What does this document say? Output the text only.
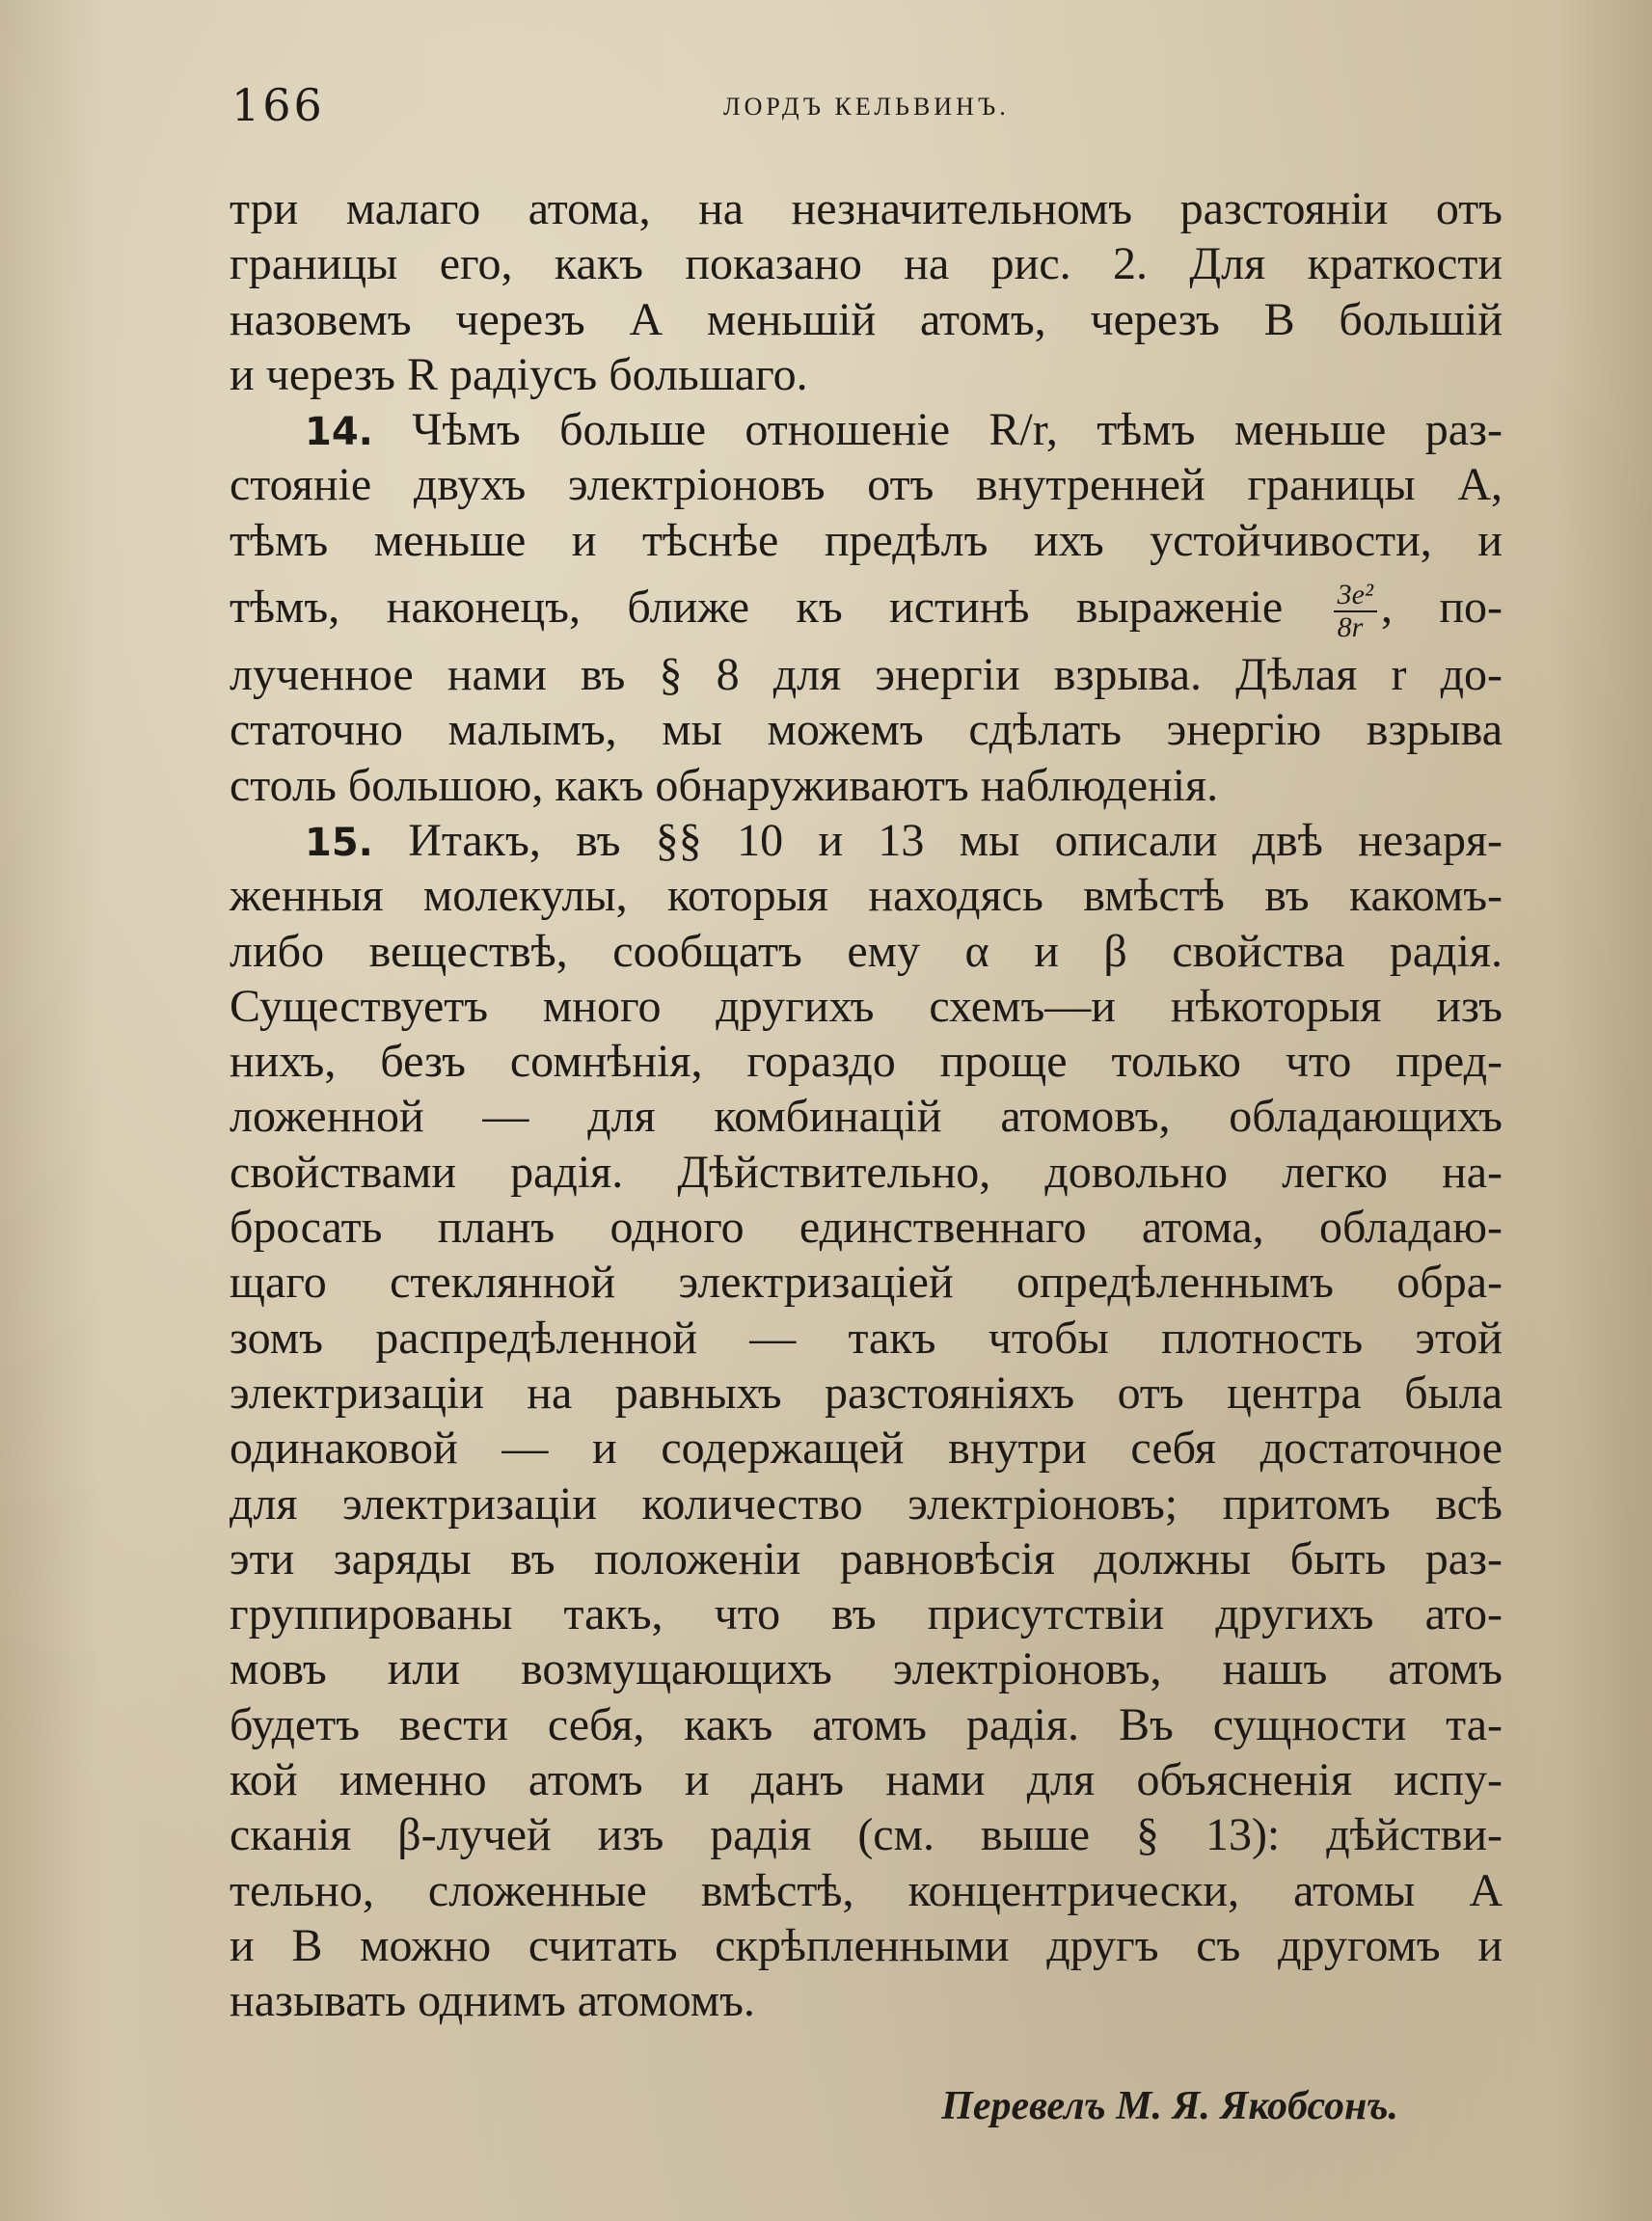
166	ЛОРДЪ КЕЛЬВИНЪ.
три малаго атома, на незначительномъ разстояніи отъ
границы его, какъ показано на рис. 2. Для краткости
назовемъ черезъ А меньшій атомъ, черезъ В большій
и черезъ R радіусъ большаго.
14. Чѣмъ больше отношеніе R/r, тѣмъ меньше раз-
стояніе двухъ электріоновъ отъ внутренней границы А,
тѣмъ меньше и тѣснѣе предѣлъ ихъ устойчивости, и
тѣмъ, наконецъ, ближе къ истинѣ выраженіе $\frac{\text{3e²}}{8r}$ , по-
лученное нами въ § 8 для энергіи взрыва. Дѣлая r до-
статочно малымъ, мы можемъ сдѣлать энергію взрыва
столь большою, какъ обнаруживаютъ наблюденія.
15. Итакъ, въ §§ 10 и 13 мы описали двѣ незаря-
женныя молекулы, которыя находясь вмѣстѣ въ какомъ-
либо веществѣ, сообщатъ ему α и β свойства радія.
Существуетъ много другихъ схемъ—и нѣкоторыя изъ
нихъ, безъ сомнѣнія, гораздо проще только что пред-
ложенной — для комбинацій атомовъ, обладающихъ
свойствами радія. Дѣйствительно, довольно легко на-
бросать планъ одного единственнаго атома, обладаю-
щаго стеклянной электризаціей опредѣленнымъ обра-
зомъ распредѣленной — такъ чтобы плотность этой
электризаціи на равныхъ разстояніяхъ отъ центра была
одинаковой — и содержащей внутри себя достаточное
для электризаціи количество электріоновъ; притомъ всѣ
эти заряды въ положеніи равновѣсія должны быть раз-
группированы такъ, что въ присутствіи другихъ ато-
мовъ или возмущающихъ электріоновъ, нашъ атомъ
будетъ вести себя, какъ атомъ радія. Въ сущности та-
кой именно атомъ и данъ нами для объясненія испу-
сканія β-лучей изъ радія (см. выше § 13): дѣйстви-
тельно, сложенные вмѣстѣ, концентрически, атомы А
и В можно считать скрѣпленными другъ съ другомъ и
называть однимъ атомомъ.
Перевелъ М. Я. Якобсонъ.
